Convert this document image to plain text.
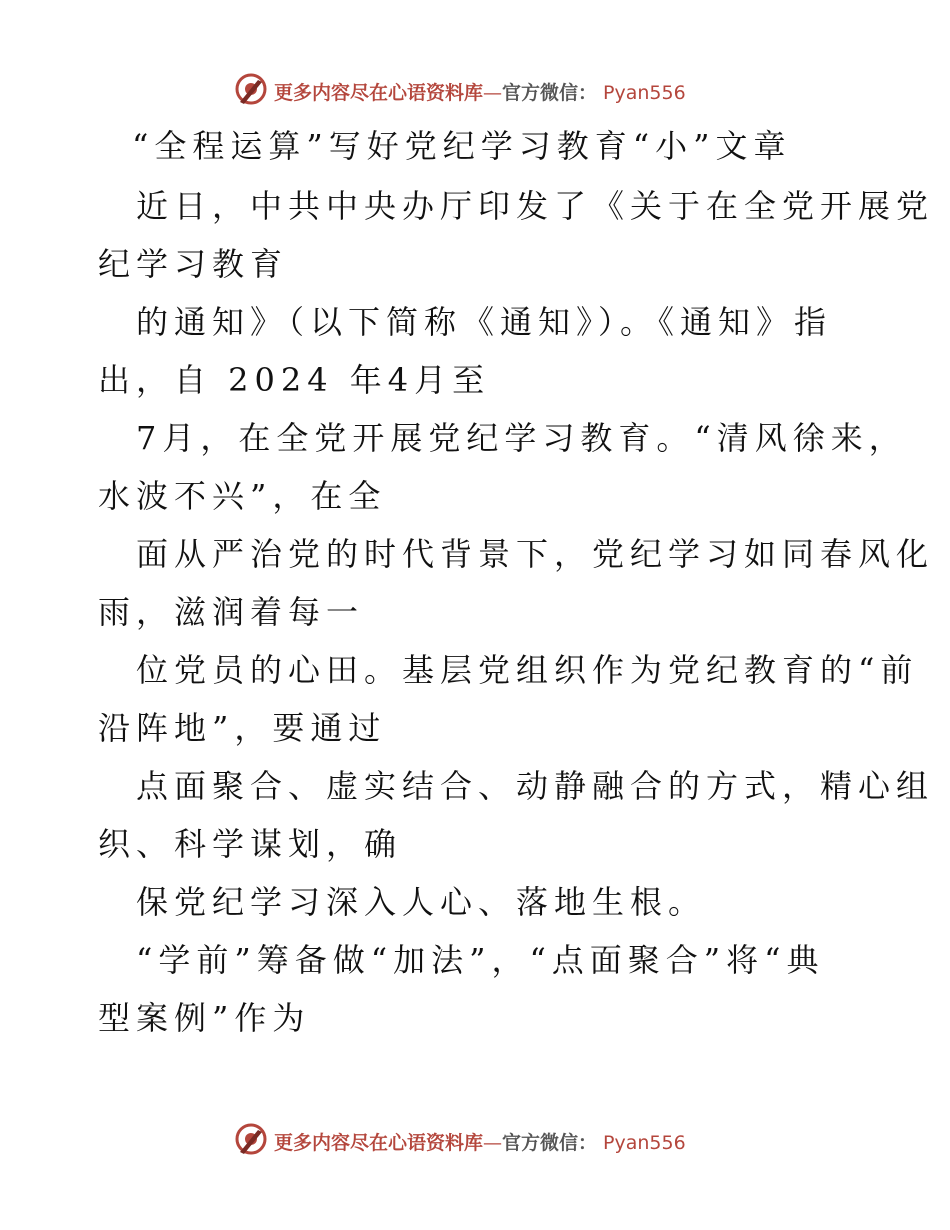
更多内容尽在心语资料库—官方微信： Pyan556
“全程运算”写好党纪学习教育“小”文章
近日，中共中央办厅印发了《关于在全党开展党
纪学习教育
的通知》（以下简称《通知》）。《通知》指
出，自 2024 年4月至
7月，在全党开展党纪学习教育。“清风徐来，
水波不兴”，在全
面从严治党的时代背景下，党纪学习如同春风化
雨，滋润着每一
位党员的心田。基层党组织作为党纪教育的“前
沿阵地”，要通过
点面聚合、虚实结合、动静融合的方式，精心组
织、科学谋划，确
保党纪学习深入人心、落地生根。
“学前”筹备做“加法”，“点面聚合”将“典
型案例”作为
更多内容尽在心语资料库—官方微信： Pyan556
